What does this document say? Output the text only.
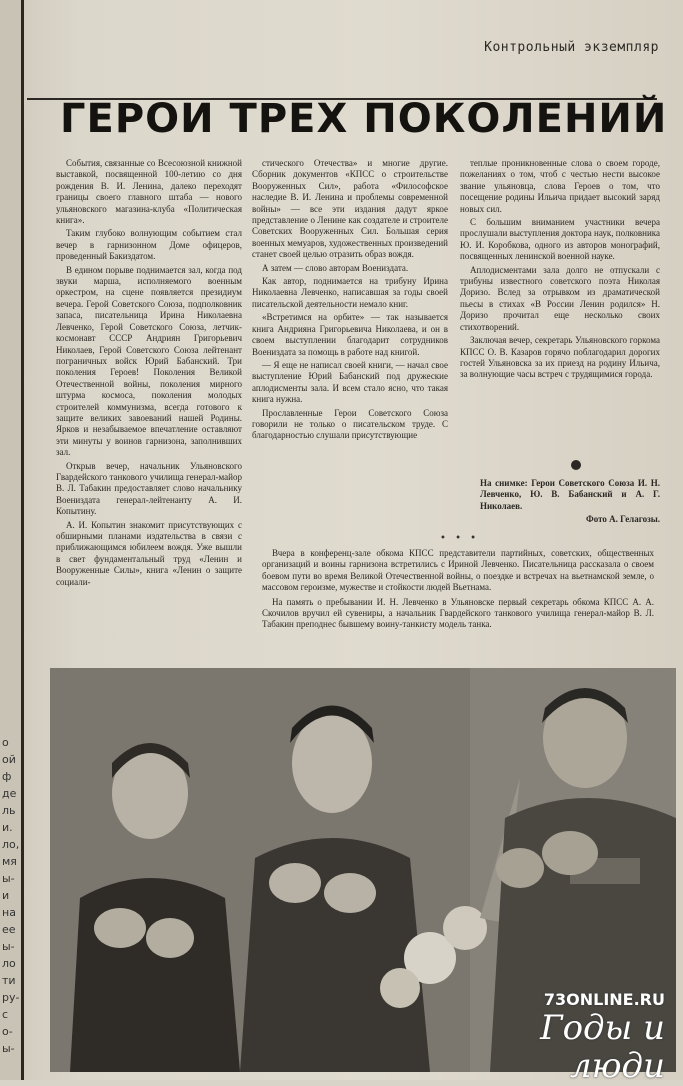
о
ой
ф
де
ль
и.
ло,
мя
ы-
и
на
ее
ы-
ло
ти
ру-
с
о-
ы-
Контрольный экземпляр
ГЕРОИ ТРЕХ ПОКОЛЕНИЙ

События, связанные со Всесоюзной книжной выставкой, посвященной 100-летию со дня рождения В. И. Ленина, далеко переходят границы своего главного штаба — нового ульяновского магазина-клуба «Политическая книга».

Таким глубоко волнующим событием стал вечер в гарнизонном Доме офицеров, проведенный Бакиздатом.

В едином порыве поднимается зал, когда под звуки марша, исполняемого военным оркестром, на сцене появляется президиум вечера. Герой Советского Союза, подполковник запаса, писательница Ирина Николаевна Левченко, Герой Советского Союза, летчик-космонавт СССР Андриян Григорьевич Николаев, Герой Советского Союза лейтенант пограничных войск Юрий Бабанский. Три поколения Героев! Поколения Великой Отечественной войны, поколения мирного штурма космоса, поколения молодых строителей коммунизма, всегда готового к защите великих завоеваний нашей Родины. Ярков и незабываемое впечатление оставляют эти минуты у воинов гарнизона, заполнивших зал.

Открыв вечер, начальник Ульяновского Гвардейского танкового училища генерал-майор В. Л. Табакин предоставляет слово начальнику Воениздата генерал-лейтенанту А. И. Копытину.

А. И. Копытин знакомит присутствующих с обширными планами издательства в связи с приближающимся юбилеем вождя. Уже вышли в свет фундаментальный труд «Ленин и Вооруженные Силы», книга «Ленин о защите социали-

стического Отечества» и многие другие. Сборник документов «КПСС о строительстве Вооруженных Сил», работа «Философское наследие В. И. Ленина и проблемы современной войны» — все эти издания дадут яркое представление о Ленине как создателе и строителе Советских Вооруженных Сил. Большая серия военных мемуаров, художественных произведений станет своей целью отразить образ вождя.

А затем — слово авторам Воениздата.

Как автор, поднимается на трибуну Ирина Николаевна Левченко, написавшая за годы своей писательской деятельности немало книг.

«Встретимся на орбите» — так называется книга Андрияна Григорьевича Николаева, и он в своем выступлении благодарит сотрудников Воениздата за помощь в работе над книгой.

— Я еще не написал своей книги, — начал свое выступление Юрий Бабанский под дружеские аплодисменты зала. И всем стало ясно, что такая книга нужна.

Прославленные Герои Советского Союза говорили не только о писательском труде. С благодарностью слушали присутствующие

теплые проникновенные слова о своем городе, пожеланиях о том, чтоб с честью нести высокое звание ульяновца, слова Героев о том, что посещение родины Ильича придает высокий заряд новых сил.

С большим вниманием участники вечера прослушали выступления доктора наук, полковника Ю. И. Коробкова, одного из авторов монографий, посвященных ленинской военной науке.

Аплодисментами зала долго не отпускали с трибуны известного советского поэта Николая Доризо. Вслед за отрывком из драматической пьесы в стихах «В России Ленин родился» Н. Доризо прочитал еще несколько своих стихотворений.

Заключая вечер, секретарь Ульяновского горкома КПСС О. В. Казаров горячо поблагодарил дорогих гостей Ульяновска за их приезд на родину Ильича, за волнующие часы встреч с трудящимися города.

На снимке: Герои Советского Союза И. Н. Левченко, Ю. В. Бабанский и А. Г. Николаев.
Фото А. Гелагозы.
• • •

Вчера в конференц-зале обкома КПСС представители партийных, советских, общественных организаций и воины гарнизона встретились с Ириной Левченко. Писательница рассказала о своем боевом пути во время Великой Отечественной войны, о поездке и встречах на вьетнамской земле, о массовом героизме, мужестве и стойкости людей Вьетнама.

На память о пребывании И. Н. Левченко в Ульяновске первый секретарь обкома КПСС А. А. Скочилов вручил ей сувениры, а начальник Гвардейского танкового училища генерал-майор В. Л. Табакин преподнес бывшему воину-танкисту модель танка.

73ONLINE.RU
Годы и люди
